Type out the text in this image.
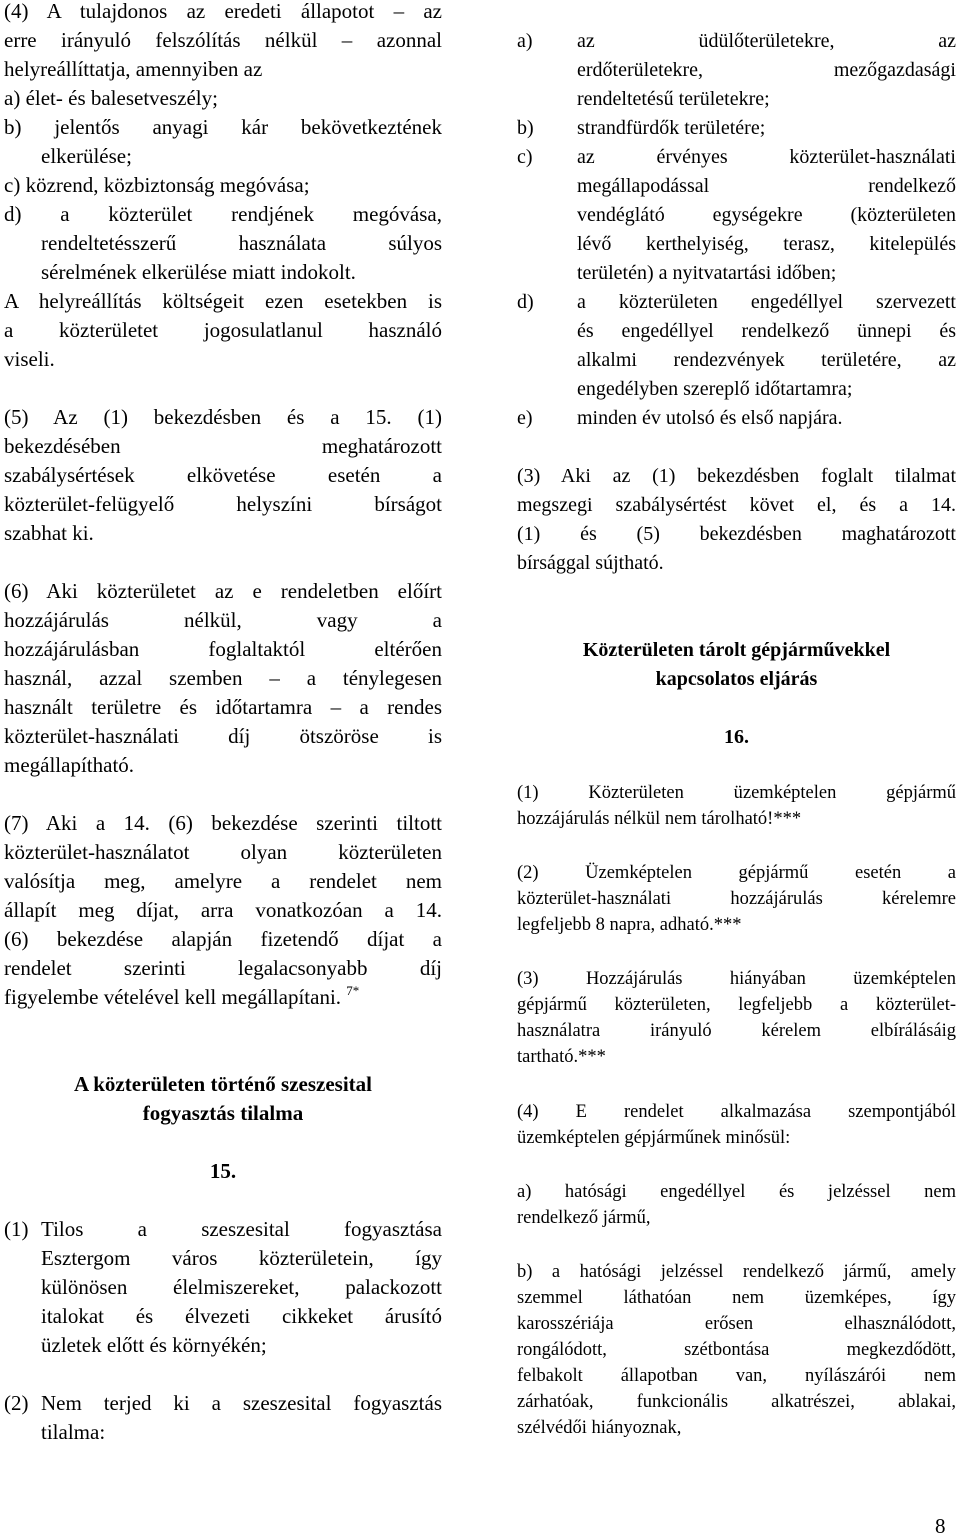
(4) A tulajdonos az eredeti állapotot – az
erre irányuló felszólítás nélkül – azonnal
helyreállíttatja, amennyiben az
a) élet- és balesetveszély;
b) jelentős anyagi kár bekövetkeztének
elkerülése;
c) közrend, közbiztonság megóvása;
d) a közterület rendjének megóvása,
rendeltetésszerű használata súlyos
sérelmének elkerülése miatt indokolt.
A helyreállítás költségeit ezen esetekben is
a közterületet jogosulatlanul használó
viseli.
(5) Az (1) bekezdésben és a 15. (1)
bekezdésében meghatározott
szabálysértések elkövetése esetén a
közterület-felügyelő helyszíni bírságot
szabhat ki.
(6) Aki közterületet az e rendeletben előírt
hozzájárulás nélkül, vagy a
hozzájárulásban foglaltaktól eltérően
használ, azzal szemben – a ténylegesen
használt területre és időtartamra – a rendes
közterület-használati díj ötszöröse is
megállapítható.
(7) Aki a 14. (6) bekezdése szerinti tiltott
közterület-használatot olyan közterületen
valósítja meg, amelyre a rendelet nem
állapít meg díjat, arra vonatkozóan a 14.
(6) bekezdése alapján fizetendő díjat a
rendelet szerinti legalacsonyabb díj
figyelembe vételével kell megállapítani. $^{7*}$
A közterületen történő szeszesital
fogyasztás tilalma
15.
(1) Tilos a szeszesital fogyasztása
Esztergom város közterületein, így
különösen élelmiszereket, palackozott
italokat és élvezeti cikkeket árusító
üzletek előtt és környékén;
(2) Nem terjed ki a szeszesital fogyasztás
tilalma:
a) az üdülőterületekre, az
erdőterületekre, mezőgazdasági
rendeltetésű területekre;
b) strandfürdők területére;
c) az érvényes közterület-használati
megállapodással rendelkező
vendéglátó egységekre (közterületen
lévő kerthelyiség, terasz, kitelepülés
területén) a nyitvatartási időben;
d) a közterületen engedéllyel szervezett
és engedéllyel rendelkező ünnepi és
alkalmi rendezvények területére, az
engedélyben szereplő időtartamra;
e) minden év utolsó és első napjára.
(3) Aki az (1) bekezdésben foglalt tilalmat
megszegi szabálysértést követ el, és a 14.
(1) és (5) bekezdésben maghatározott
bírsággal sújtható.
Közterületen tárolt gépjárművekkel
kapcsolatos eljárás
16.
(1) Közterületen üzemképtelen gépjármű
hozzájárulás nélkül nem tárolható!***
(2) Üzemképtelen gépjármű esetén a
közterület-használati hozzájárulás kérelemre
legfeljebb 8 napra, adható.***
(3) Hozzájárulás hiányában üzemképtelen
gépjármű közterületen, legfeljebb a közterület-
használatra irányuló kérelem elbírálásáig
tartható.***
(4) E rendelet alkalmazása szempontjából
üzemképtelen gépjárműnek minősül:
a) hatósági engedéllyel és jelzéssel nem
rendelkező jármű,
b) a hatósági jelzéssel rendelkező jármű, amely
szemmel láthatóan nem üzemképes, így
karosszériája erősen elhasználódott,
rongálódott, szétbontása megkezdődött,
felbakolt állapotban van, nyílászárói nem
zárhatóak, funkcionális alkatrészei, ablakai,
szélvédői hiányoznak,
8
